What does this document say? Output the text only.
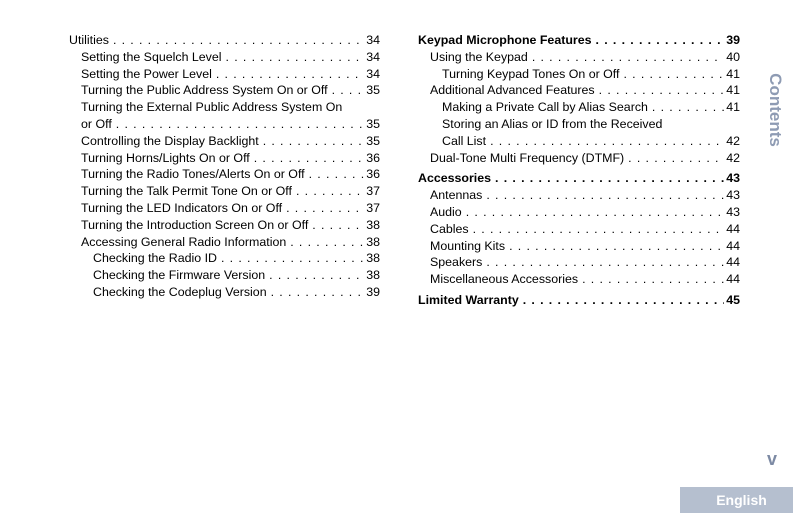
Utilities . . .	34
Setting the Squelch Level . . .	34
Setting the Power Level . . .	34
Turning the Public Address System On or Off . . .	35
Turning the External Public Address System On
or Off . . .	35
Controlling the Display Backlight . . .	35
Turning Horns/Lights On or Off . . .	36
Turning the Radio Tones/Alerts On or Off . . .	36
Turning the Talk Permit Tone On or Off . . .	37
Turning the LED Indicators On or Off . . .	37
Turning the Introduction Screen On or Off . . .	38
Accessing General Radio Information . . .	38
Checking the Radio ID . . .	38
Checking the Firmware Version . . .	38
Checking the Codeplug Version . . .	39
Keypad Microphone Features . . .	39
Using the Keypad . . .	40
Turning Keypad Tones On or Off . . .	41
Additional Advanced Features . . .	41
Making a Private Call by Alias Search . . .	41
Storing an Alias or ID from the Received
Call List . . .	42
Dual-Tone Multi Frequency (DTMF) . . .	42
Accessories . . .	43
Antennas . . .	43
Audio . . .	43
Cables . . .	44
Mounting Kits . . .	44
Speakers . . .	44
Miscellaneous Accessories . . .	44
Limited Warranty . . .	45
Contents
v
English
